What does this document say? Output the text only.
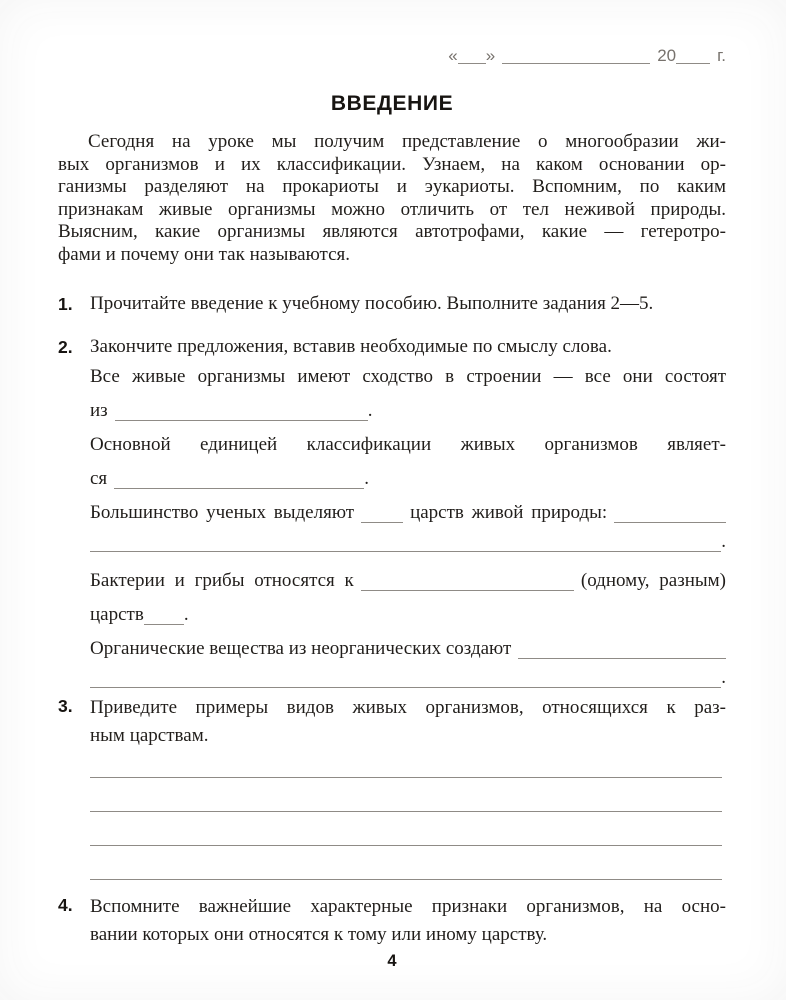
« »	20 г.
ВВЕДЕНИЕ
Сегодня на уроке мы получим представление о многообразии жи-
вых организмов и их классификации. Узнаем, на каком основании ор-
ганизмы разделяют на прокариоты и эукариоты. Вспомним, по каким
признакам живые организмы можно отличить от тел неживой природы.
Выясним, какие организмы являются автотрофами, какие — гетеротро-
фами и почему они так называются.
1. Прочитайте введение к учебному пособию. Выполните задания 2—5.
2. Закончите предложения, вставив необходимые по смыслу слова.
Все живые организмы имеют сходство в строении — все они состоят
из	.
Основной единицей классификации живых организмов являет-
ся	.
Большинство ученых выделяют	царств живой природы:
.
Бактерии и грибы относятся к	(одному, разным)
царств .
Органические вещества из неорганических создают
.
3. Приведите примеры видов живых организмов, относящихся к раз-
ным царствам.
4. Вспомните важнейшие характерные признаки организмов, на осно-
вании которых они относятся к тому или иному царству.
4
